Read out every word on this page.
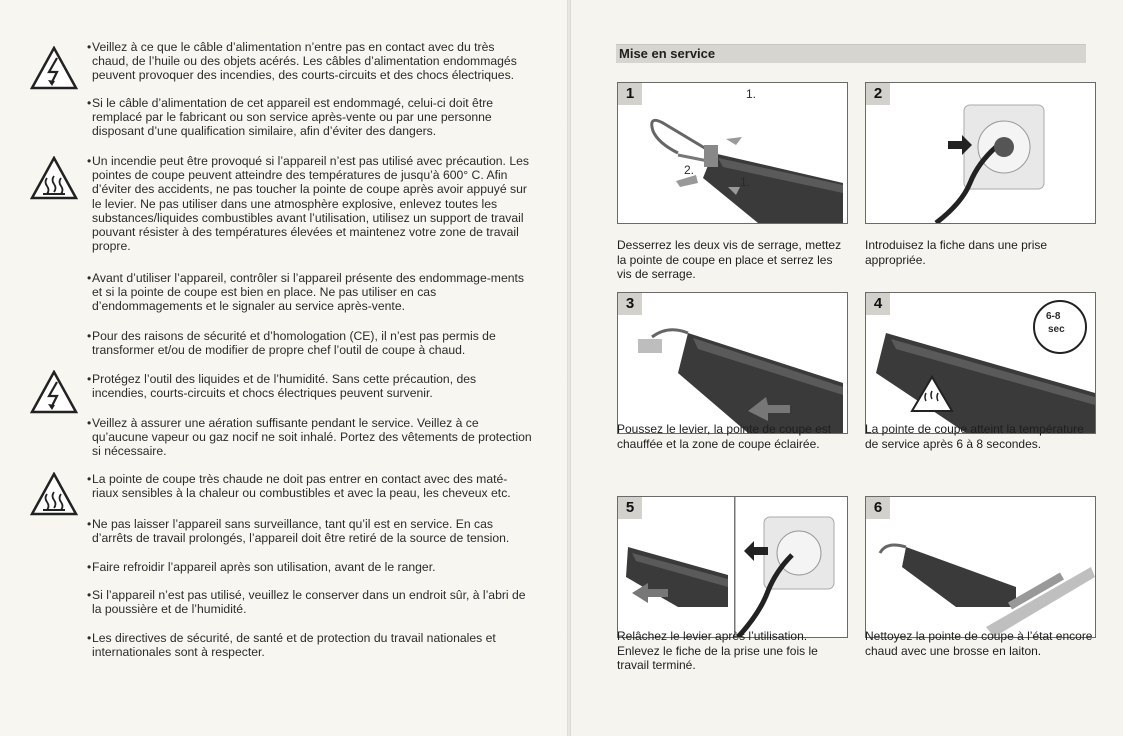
• Veillez à ce que le câble d’alimentation n’entre pas en contact avec du très chaud, de l’huile ou des objets acérés. Les câbles d’alimentation endommagés peuvent provoquer des incendies, des courts-circuits et des chocs électriques.
• Si le câble d’alimentation de cet appareil est endommagé, celui-ci doit être remplacé par le fabricant ou son service après-vente ou par une personne disposant d’une qualification similaire, afin d’éviter des dangers.
• Un incendie peut être provoqué si l’appareil n’est pas utilisé avec précaution. Les pointes de coupe peuvent atteindre des températures de jusqu’à 600° C. Afin d’éviter des accidents, ne pas toucher la pointe de coupe après avoir appuyé sur le levier. Ne pas utiliser dans une atmosphère explosive, enlevez toutes les substances/liquides combustibles avant l’utilisation, utilisez un support de travail pouvant résister à des températures élevées et maintenez votre zone de travail propre.
• Avant d’utiliser l’appareil, contrôler si l’appareil présente des endommage-ments et si la pointe de coupe est bien en place. Ne pas utiliser en cas d’endommagements et le signaler au service après-vente.
• Pour des raisons de sécurité et d’homologation (CE), il n’est pas permis de transformer et/ou de modifier de propre chef l’outil de coupe à chaud.
• Protégez l’outil des liquides et de l’humidité. Sans cette précaution, des incendies, courts-circuits et chocs électriques peuvent survenir.
• Veillez à assurer une aération suffisante pendant le service. Veillez à ce qu’aucune vapeur ou gaz nocif ne soit inhalé. Portez des vêtements de protection si nécessaire.
• La pointe de coupe très chaude ne doit pas entrer en contact avec des maté-riaux sensibles à la chaleur ou combustibles et avec la peau, les cheveux etc.
• Ne pas laisser l’appareil sans surveillance, tant qu’il est en service. En cas d’arrêts de travail prolongés, l’appareil doit être retiré de la source de tension.
• Faire refroidir l’appareil après son utilisation, avant de le ranger.
• Si l’appareil n’est pas utilisé, veuillez le conserver dans un endroit sûr, à l’abri de la poussière et de l’humidité.
• Les directives de sécurité, de santé et de protection du travail nationales et internationales sont à respecter.
Mise en service
1	1.
2.
1.
Desserrez les deux vis de serrage, mettez la pointe de coupe en place et serrez les vis de serrage.
2
Introduisez la fiche dans une prise appropriée.
3
Poussez le levier, la pointe de coupe est chauffée et la zone de coupe éclairée.
4
6-8
sec
La pointe de coupe atteint la température de service après 6 à 8 secondes.
5
Relâchez le levier après l’utilisation. Enlevez le fiche de la prise une fois le travail terminé.
6
Nettoyez la pointe de coupe à l’état encore chaud avec une brosse en laiton.
